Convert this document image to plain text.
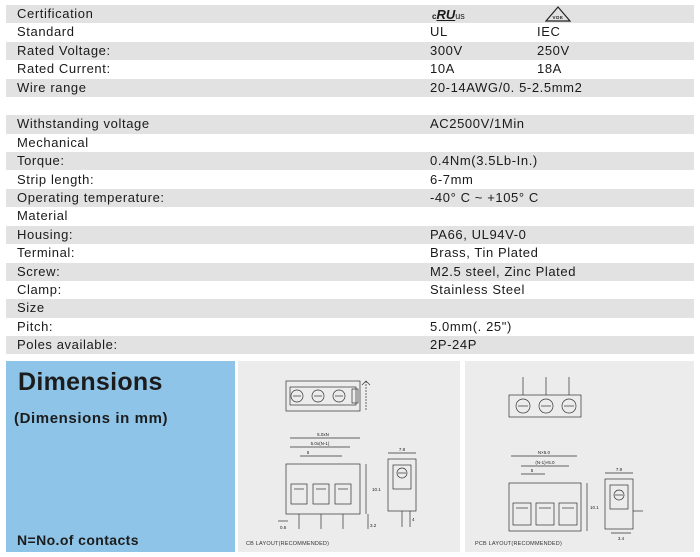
Certification	cRUus	VDE
Standard	UL	IEC
Rated Voltage:	300V	250V
Rated Current:	10A	18A
Wire range	20-14AWG/0. 5-2.5mm2
Withstanding voltage	AC2500V/1Min
Mechanical
Torque:	0.4Nm(3.5Lb-In.)
Strip length:	6-7mm
Operating temperature:	-40° C ~ +105° C
Material
Housing:	PA66, UL94V-0
Terminal:	Brass, Tin Plated
Screw:	M2.5 steel, Zinc Plated
Clamp:	Stainless Steel
Size
Pitch:	5.0mm(. 25")
Poles available:	2P-24P
Dimensions
(Dimensions in mm)
N=No.of contacts
5.0xN
5.0x(N-1)
5
10.1
0.6	3.2
7.8
4
CB LAYOUT(RECOMMENDED)
N×5.0
(N-1)×5.0
5
10.1
7.9
3.4
PCB LAYOUT(RECOMMENDED)
